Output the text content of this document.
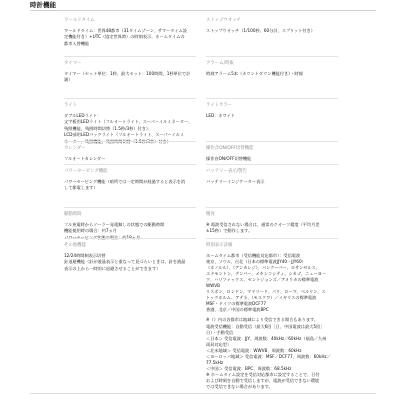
時計機能
ワールドタイム
ワールドタイム：世界48都市（31タイムゾーン、サマータイム設
定機能付き）+UTC（協定世界時）の時刻表示、ホームタイムの
都市入替機能
タイマー
タイマー（セット単位：1秒、最大セット：100時間、1秒単位で計
測）
ライト
ダブルLEDライト：
文字板用LEDライト（フルオートライト、スーパーイルミネーター、
残照機能、残照時間切替（1.5秒/3秒）付き）、
LCD部用LEDバックライト（フルオートライト、スーパーイルミ
ネーター、残照機能、残照時間切替（1.5秒/3秒）付き）
カレンダー
フルオートカレンダー
パワーセービング機能
パワーセービング機能（暗所では一定時間が経過すると表示を消
して節電します）
駆動時間
フル充電時からソーラー発電無しの状態での駆動時間
機能使用時の場合：約7ヵ月
パワーセービング状態の場合：約18ヵ月
その他機能
12/24時間制表示切替
針退避機能（針が液晶表示と重なって見づらいときは、針を液晶
表示の上から一時的に退避させることができます）
ストップウオッチ
ストップウオッチ（1/100秒、60分計、スプリット付き）
アラーム/時報
時刻アラーム5本（カウントダウン機能付き）・時報
ライトカラー
LED：ホワイト
操作音ON/OFF切替機能
操作音ON/OFF切替機能
バッテリー表示/警告
バッテリーインジケーター表示
精度
※ 電波受信されない場合は、通常のクオーツ精度（平均月差
±15秒）で動作します。
時刻表示詳細
ホームタイム都市（受信機能対応都市）：受信電波
東京、ソウル、台北（日本の標準電波JJY40・JJY60）
（ホノルル）、（アンカレジ）、バンクーバー、ロサンゼルス、
エドモントン、デンバー、メキシコシティ、シカゴ、ニューヨー
ク、ハリファックス、セントジョンズ／アメリカの標準電波
WWVB
リスボン、ロンドン、マドリード、パリ、ローマ、ベルリン、ス
トックホルム、アテネ、（モスクワ）／イギリスの標準電波
MSF・ドイツの標準電波DCF77
香港、北京／中国の標準電波BPC
※（）内の各都市は地域により受信できる場合もあります。
電波受信機能：自動受信（最大6回［日、中国電波は最大5回］
日）・手動受信
＜日本＞ 受信電波：JJY、周波数：40kHz／60kHz（福島／九州
両局対応型）
＜北米地域＞ 受信電波：WWVB、周波数：60kHz
＜ヨーロッパ地域＞ 受信電波：MSF／DCF77、周波数：60kHz／
77.5kHz
＜中国＞ 受信電波：BPC、周波数：68.5kHz
※ ホームタイム設定を受信対応都市に設定することで、日付
および時刻を自動で受信しますが、電波が受信できない環境
では受信できない場合があります。
